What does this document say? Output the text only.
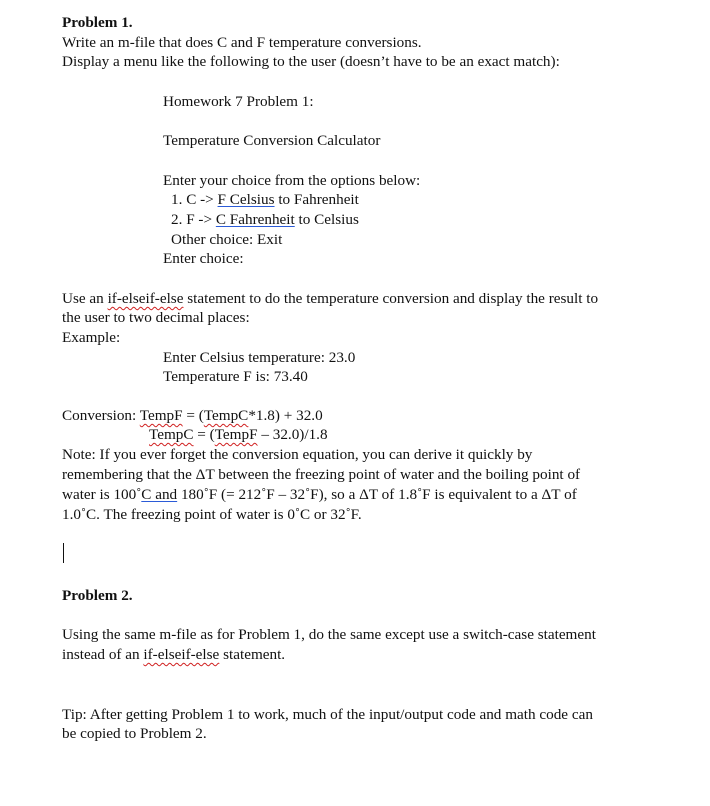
Problem 1.
Write an m-file that does C and F temperature conversions.
Display a menu like the following to the user (doesn’t have to be an exact match):
Homework 7 Problem 1:
Temperature Conversion Calculator
Enter your choice from the options below:
1. C -> F Celsius to Fahrenheit
2. F -> C Fahrenheit to Celsius
Other choice: Exit
Enter choice:
Use an if-elseif-else statement to do the temperature conversion and display the result to
the user to two decimal places:
Example:
Enter Celsius temperature: 23.0
Temperature F is: 73.40
Conversion: TempF = (TempC*1.8) + 32.0
TempC = (TempF – 32.0)/1.8
Note: If you ever forget the conversion equation, you can derive it quickly by
remembering that the ΔT between the freezing point of water and the boiling point of
water is 100˚C and 180˚F (= 212˚F – 32˚F), so a ΔT of 1.8˚F is equivalent to a ΔT of
1.0˚C. The freezing point of water is 0˚C or 32˚F.
Problem 2.
Using the same m-file as for Problem 1, do the same except use a switch-case statement
instead of an if-elseif-else statement.
Tip: After getting Problem 1 to work, much of the input/output code and math code can
be copied to Problem 2.
